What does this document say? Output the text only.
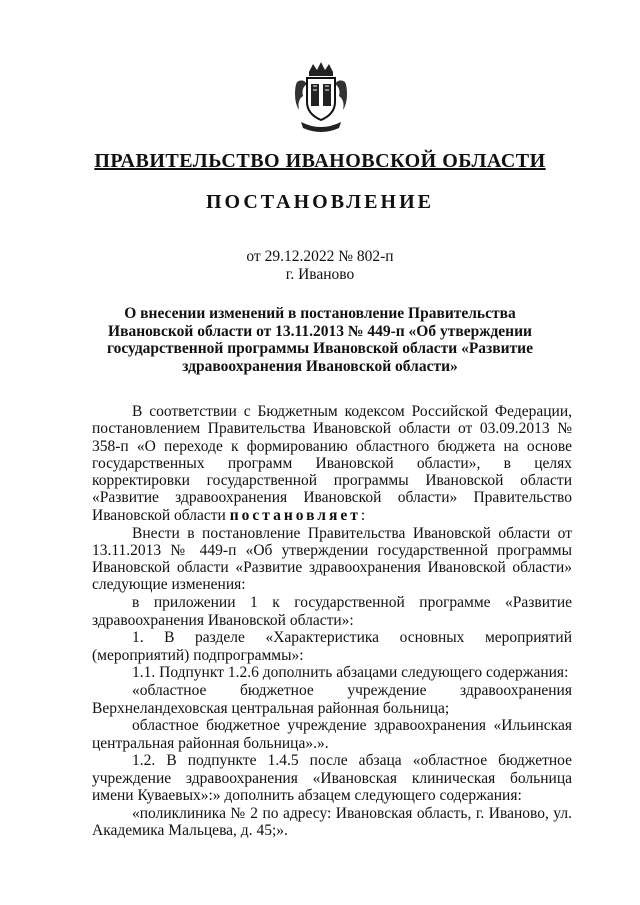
ПРАВИТЕЛЬСТВО ИВАНОВСКОЙ ОБЛАСТИ
ПОСТАНОВЛЕНИЕ
от 29.12.2022 № 802-п
г. Иваново
О внесении изменений в постановление Правительства
Ивановской области от 13.11.2013 № 449-п «Об утверждении
государственной программы Ивановской области «Развитие
здравоохранения Ивановской области»

В соответствии с Бюджетным кодексом Российской Федерации, постановлением Правительства Ивановской области от 03.09.2013 № 358-п «О переходе к формированию областного бюджета на основе государственных программ Ивановской области», в целях корректировки государственной программы Ивановской области «Развитие здравоохранения Ивановской области» Правительство Ивановской области постановляет:

Внести в постановление Правительства Ивановской области от 13.11.2013 № 449-п «Об утверждении государственной программы Ивановской области «Развитие здравоохранения Ивановской области» следующие изменения:

в приложении 1 к государственной программе «Развитие здравоохранения Ивановской области»:

1. В разделе «Характеристика основных мероприятий (мероприятий) подпрограммы»:

1.1. Подпункт 1.2.6 дополнить абзацами следующего содержания:

«областное бюджетное учреждение здравоохранения Верхнеландеховская центральная районная больница;

областное бюджетное учреждение здравоохранения «Ильинская центральная районная больница».».

1.2. В подпункте 1.4.5 после абзаца «областное бюджетное учреждение здравоохранения «Ивановская клиническая больница имени Куваевых»:» дополнить абзацем следующего содержания:

«поликлиника № 2 по адресу: Ивановская область, г. Иваново, ул. Академика Мальцева, д. 45;».
